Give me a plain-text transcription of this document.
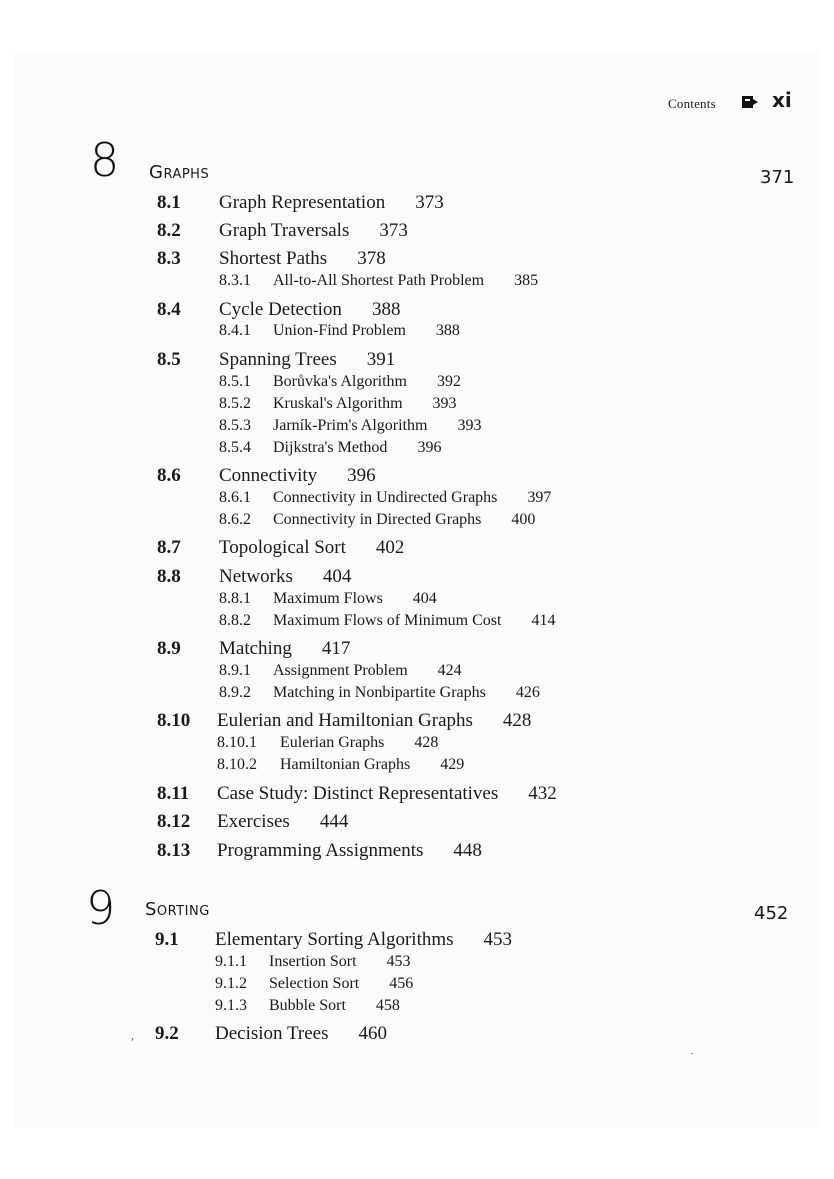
Contents	xi
8 Graphs	371
8.1 Graph Representation 373
8.2 Graph Traversals 373
8.3 Shortest Paths 378
8.3.1 All-to-All Shortest Path Problem 385
8.4 Cycle Detection 388
8.4.1 Union-Find Problem 388
8.5 Spanning Trees 391
8.5.1 Borůvka's Algorithm 392
8.5.2 Kruskal's Algorithm 393
8.5.3 Jarník-Prim's Algorithm 393
8.5.4 Dijkstra's Method 396
8.6 Connectivity 396
8.6.1 Connectivity in Undirected Graphs 397
8.6.2 Connectivity in Directed Graphs 400
8.7 Topological Sort 402
8.8 Networks 404
8.8.1 Maximum Flows 404
8.8.2 Maximum Flows of Minimum Cost 414
8.9 Matching 417
8.9.1 Assignment Problem 424
8.9.2 Matching in Nonbipartite Graphs 426
8.10 Eulerian and Hamiltonian Graphs 428
8.10.1 Eulerian Graphs 428
8.10.2 Hamiltonian Graphs 429
8.11 Case Study: Distinct Representatives 432
8.12 Exercises 444
8.13 Programming Assignments 448
9 Sorting	452
9.1 Elementary Sorting Algorithms 453
9.1.1 Insertion Sort 453
9.1.2 Selection Sort 456
9.1.3 Bubble Sort 458
, 9.2 Decision Trees 460
